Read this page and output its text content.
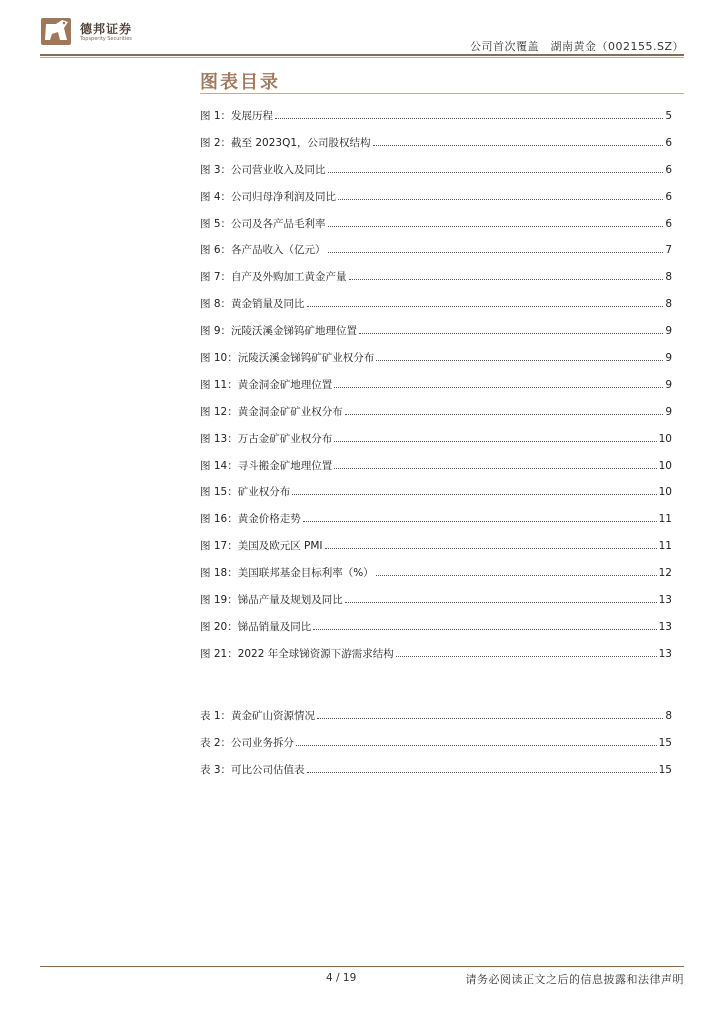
德邦证券
Topsperity Securities
公司首次覆盖　湖南黄金（002155.SZ）
图表目录
图 1：发展历程	5
图 2：截至 2023Q1，公司股权结构	6
图 3：公司营业收入及同比	6
图 4：公司归母净利润及同比	6
图 5：公司及各产品毛利率	6
图 6：各产品收入（亿元）	7
图 7：自产及外购加工黄金产量	8
图 8：黄金销量及同比	8
图 9：沅陵沃溪金锑钨矿地理位置	9
图 10：沅陵沃溪金锑钨矿矿业权分布	9
图 11：黄金洞金矿地理位置	9
图 12：黄金洞金矿矿业权分布	9
图 13：万古金矿矿业权分布	10
图 14：寻斗搬金矿地理位置	10
图 15：矿业权分布	10
图 16：黄金价格走势	11
图 17：美国及欧元区 PMI	11
图 18：美国联邦基金目标利率（%）	12
图 19：锑品产量及规划及同比	13
图 20：锑品销量及同比	13
图 21：2022 年全球锑资源下游需求结构	13
表 1：黄金矿山资源情况	8
表 2：公司业务拆分	15
表 3：可比公司估值表	15
4 / 19	请务必阅读正文之后的信息披露和法律声明
